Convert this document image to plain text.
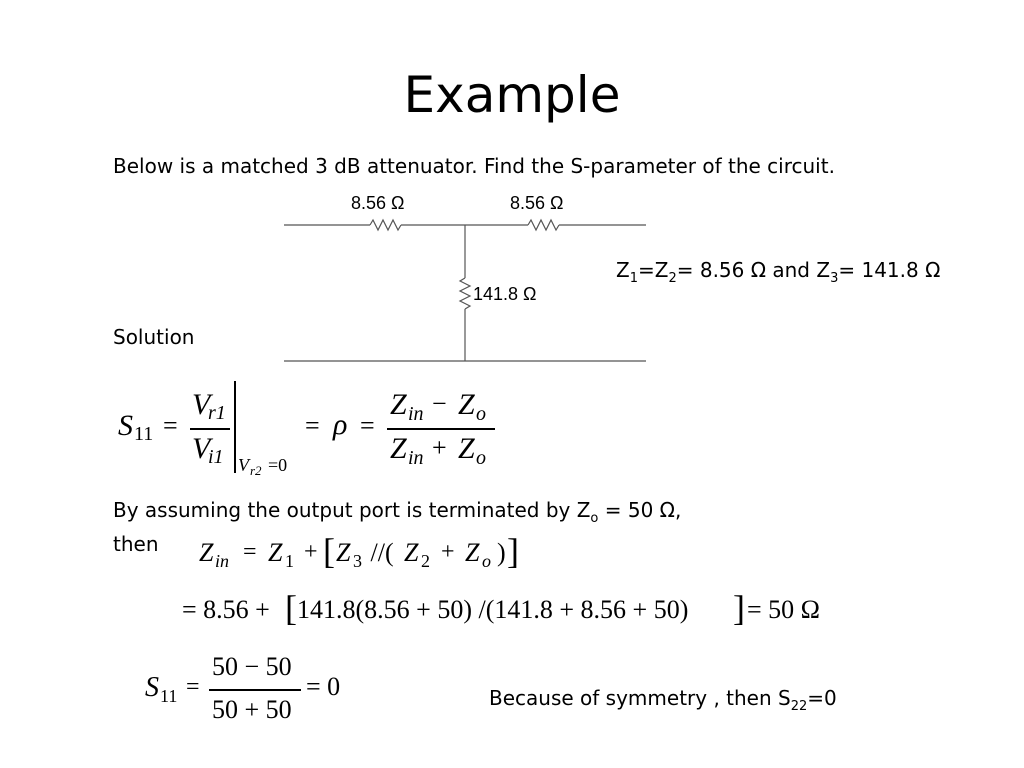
Example
Below is a matched 3 dB attenuator. Find the S-parameter of the circuit.
8.56 Ω	8.56 Ω
141.8 Ω
$Z_1=Z_2= 8.56$ Ω and $Z_3= 141.8$ Ω
Solution
S 11 =
V
r1
V
i1 V r2 =0
= ρ =
Z in − Z o
Z in + Z o
By assuming the output port is terminated by $Z_o = 50$ Ω,
then Z in = Z 1 + [ Z 3 //( Z 2 + Z o ) ]
= 8.56 + [ 141.8(8.56 + 50) /(141.8 + 8.56 + 50) ] = 50 Ω
S 11 =
50 − 50
50 + 50
= 0	Because of symmetry , then $S_{22}=0$
